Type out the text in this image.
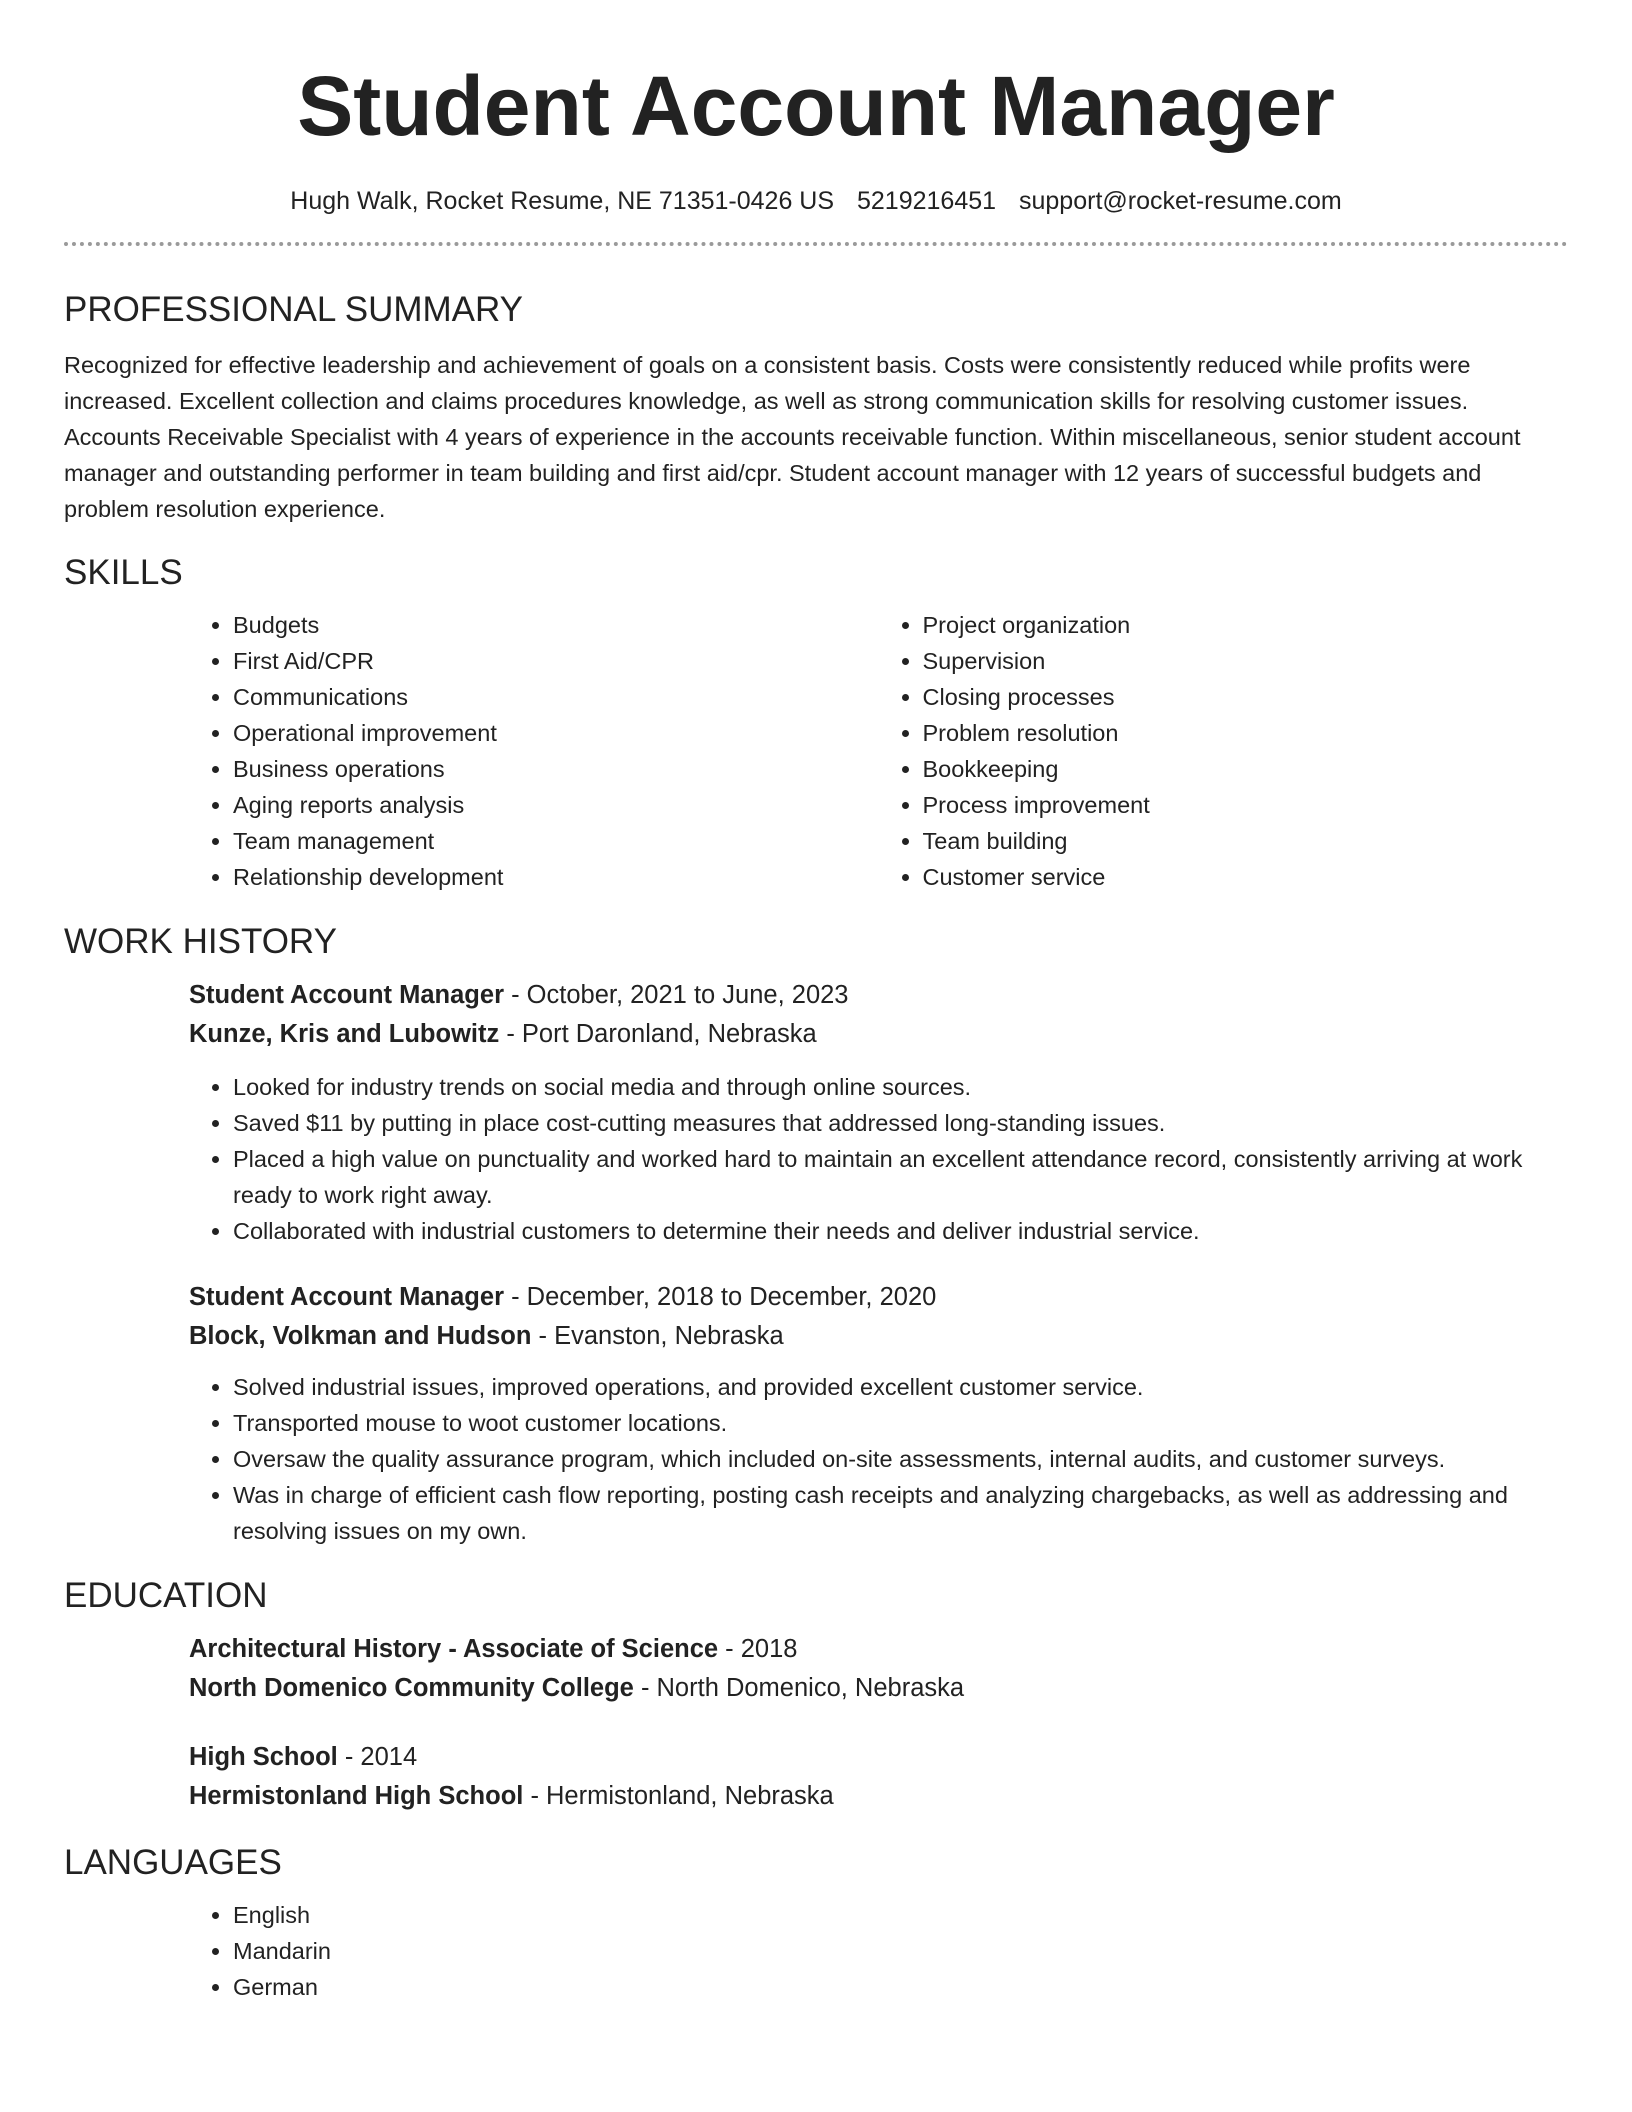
Student Account Manager
Hugh Walk, Rocket Resume, NE 71351-0426 US 5219216451 support@rocket-resume.com
PROFESSIONAL SUMMARY

Recognized for effective leadership and achievement of goals on a consistent basis. Costs were consistently reduced while profits were increased. Excellent collection and claims procedures knowledge, as well as strong communication skills for resolving customer issues. Accounts Receivable Specialist with 4 years of experience in the accounts receivable function. Within miscellaneous, senior student account manager and outstanding performer in team building and first aid/cpr. Student account manager with 12 years of successful budgets and problem resolution experience.

SKILLS
• Budgets
• First Aid/CPR
• Communications
• Operational improvement
• Business operations
• Aging reports analysis
• Team management
• Relationship development
• Project organization
• Supervision
• Closing processes
• Problem resolution
• Bookkeeping
• Process improvement
• Team building
• Customer service
WORK HISTORY
Student Account Manager - October, 2021 to June, 2023
Kunze, Kris and Lubowitz - Port Daronland, Nebraska
• Looked for industry trends on social media and through online sources.
• Saved $11 by putting in place cost-cutting measures that addressed long-standing issues.
• Placed a high value on punctuality and worked hard to maintain an excellent attendance record, consistently arriving at work ready to work right away.
• Collaborated with industrial customers to determine their needs and deliver industrial service.
Student Account Manager - December, 2018 to December, 2020
Block, Volkman and Hudson - Evanston, Nebraska
• Solved industrial issues, improved operations, and provided excellent customer service.
• Transported mouse to woot customer locations.
• Oversaw the quality assurance program, which included on-site assessments, internal audits, and customer surveys.
• Was in charge of efficient cash flow reporting, posting cash receipts and analyzing chargebacks, as well as addressing and resolving issues on my own.
EDUCATION
Architectural History - Associate of Science - 2018
North Domenico Community College - North Domenico, Nebraska
High School - 2014
Hermistonland High School - Hermistonland, Nebraska
LANGUAGES
• English
• Mandarin
• German
